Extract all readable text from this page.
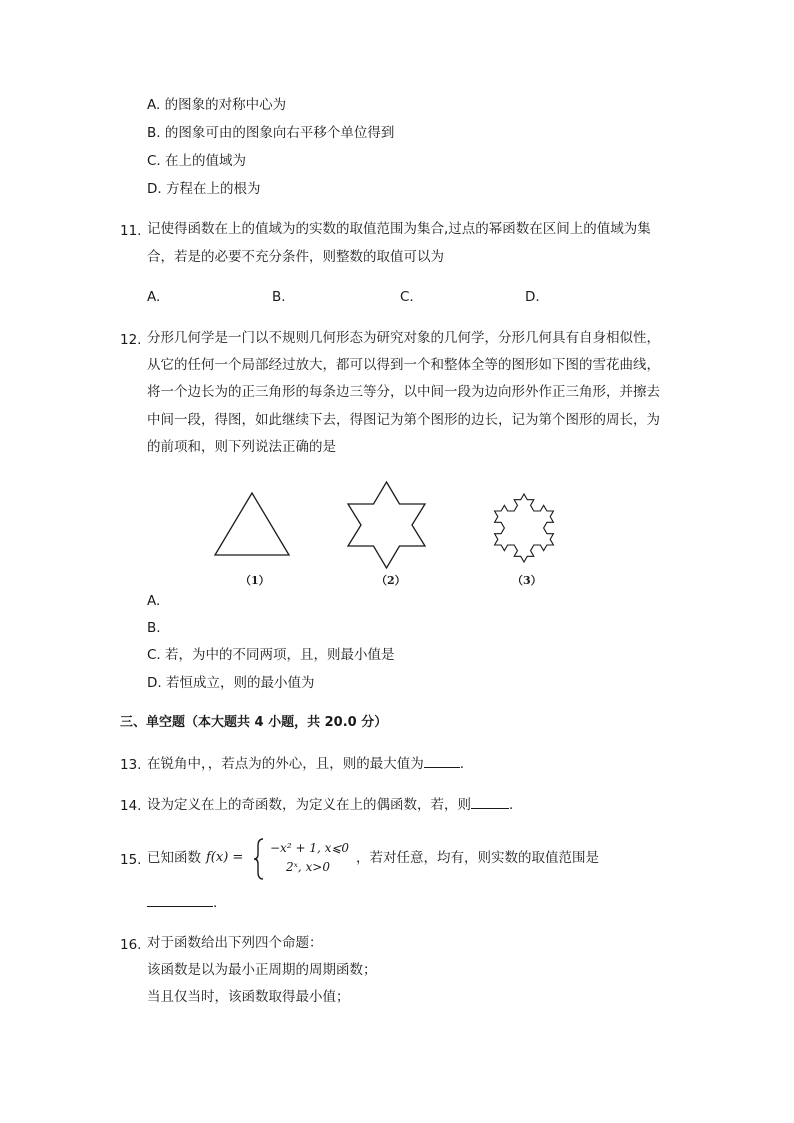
A. 的图象的对称中心为
B. 的图象可由的图象向右平移个单位得到
C. 在上的值域为
D. 方程在上的根为
11. 记使得函数在上的值域为的实数的取值范围为集合,过点的幂函数在区间上的值域为集
合，若是的必要不充分条件，则整数的取值可以为
A.	B.	C.	D.
12. 分形几何学是一门以不规则几何形态为研究对象的几何学，分形几何具有自身相似性，
从它的任何一个局部经过放大，都可以得到一个和整体全等的图形如下图的雪花曲线，
将一个边长为的正三角形的每条边三等分，以中间一段为边向形外作正三角形，并擦去
中间一段，得图，如此继续下去，得图记为第个图形的边长，记为第个图形的周长，为
的前项和，则下列说法正确的是
（1）	（2）	（3）
A.
B.
C. 若，为中的不同两项，且，则最小值是
D. 若恒成立，则的最小值为
三、单空题（本大题共 4 小题，共 20.0 分）
13. 在锐角中，，若点为的外心，且，则的最大值为	.
14. 设为定义在上的奇函数，为定义在上的偶函数，若，则	.
15. 已知函数 f(x) =
−x² + 1, x⩽0
2ˣ, x>0
，若对任意，均有，则实数的取值范围是
.
16. 对于函数给出下列四个命题：
该函数是以为最小正周期的周期函数；
当且仅当时，该函数取得最小值；
